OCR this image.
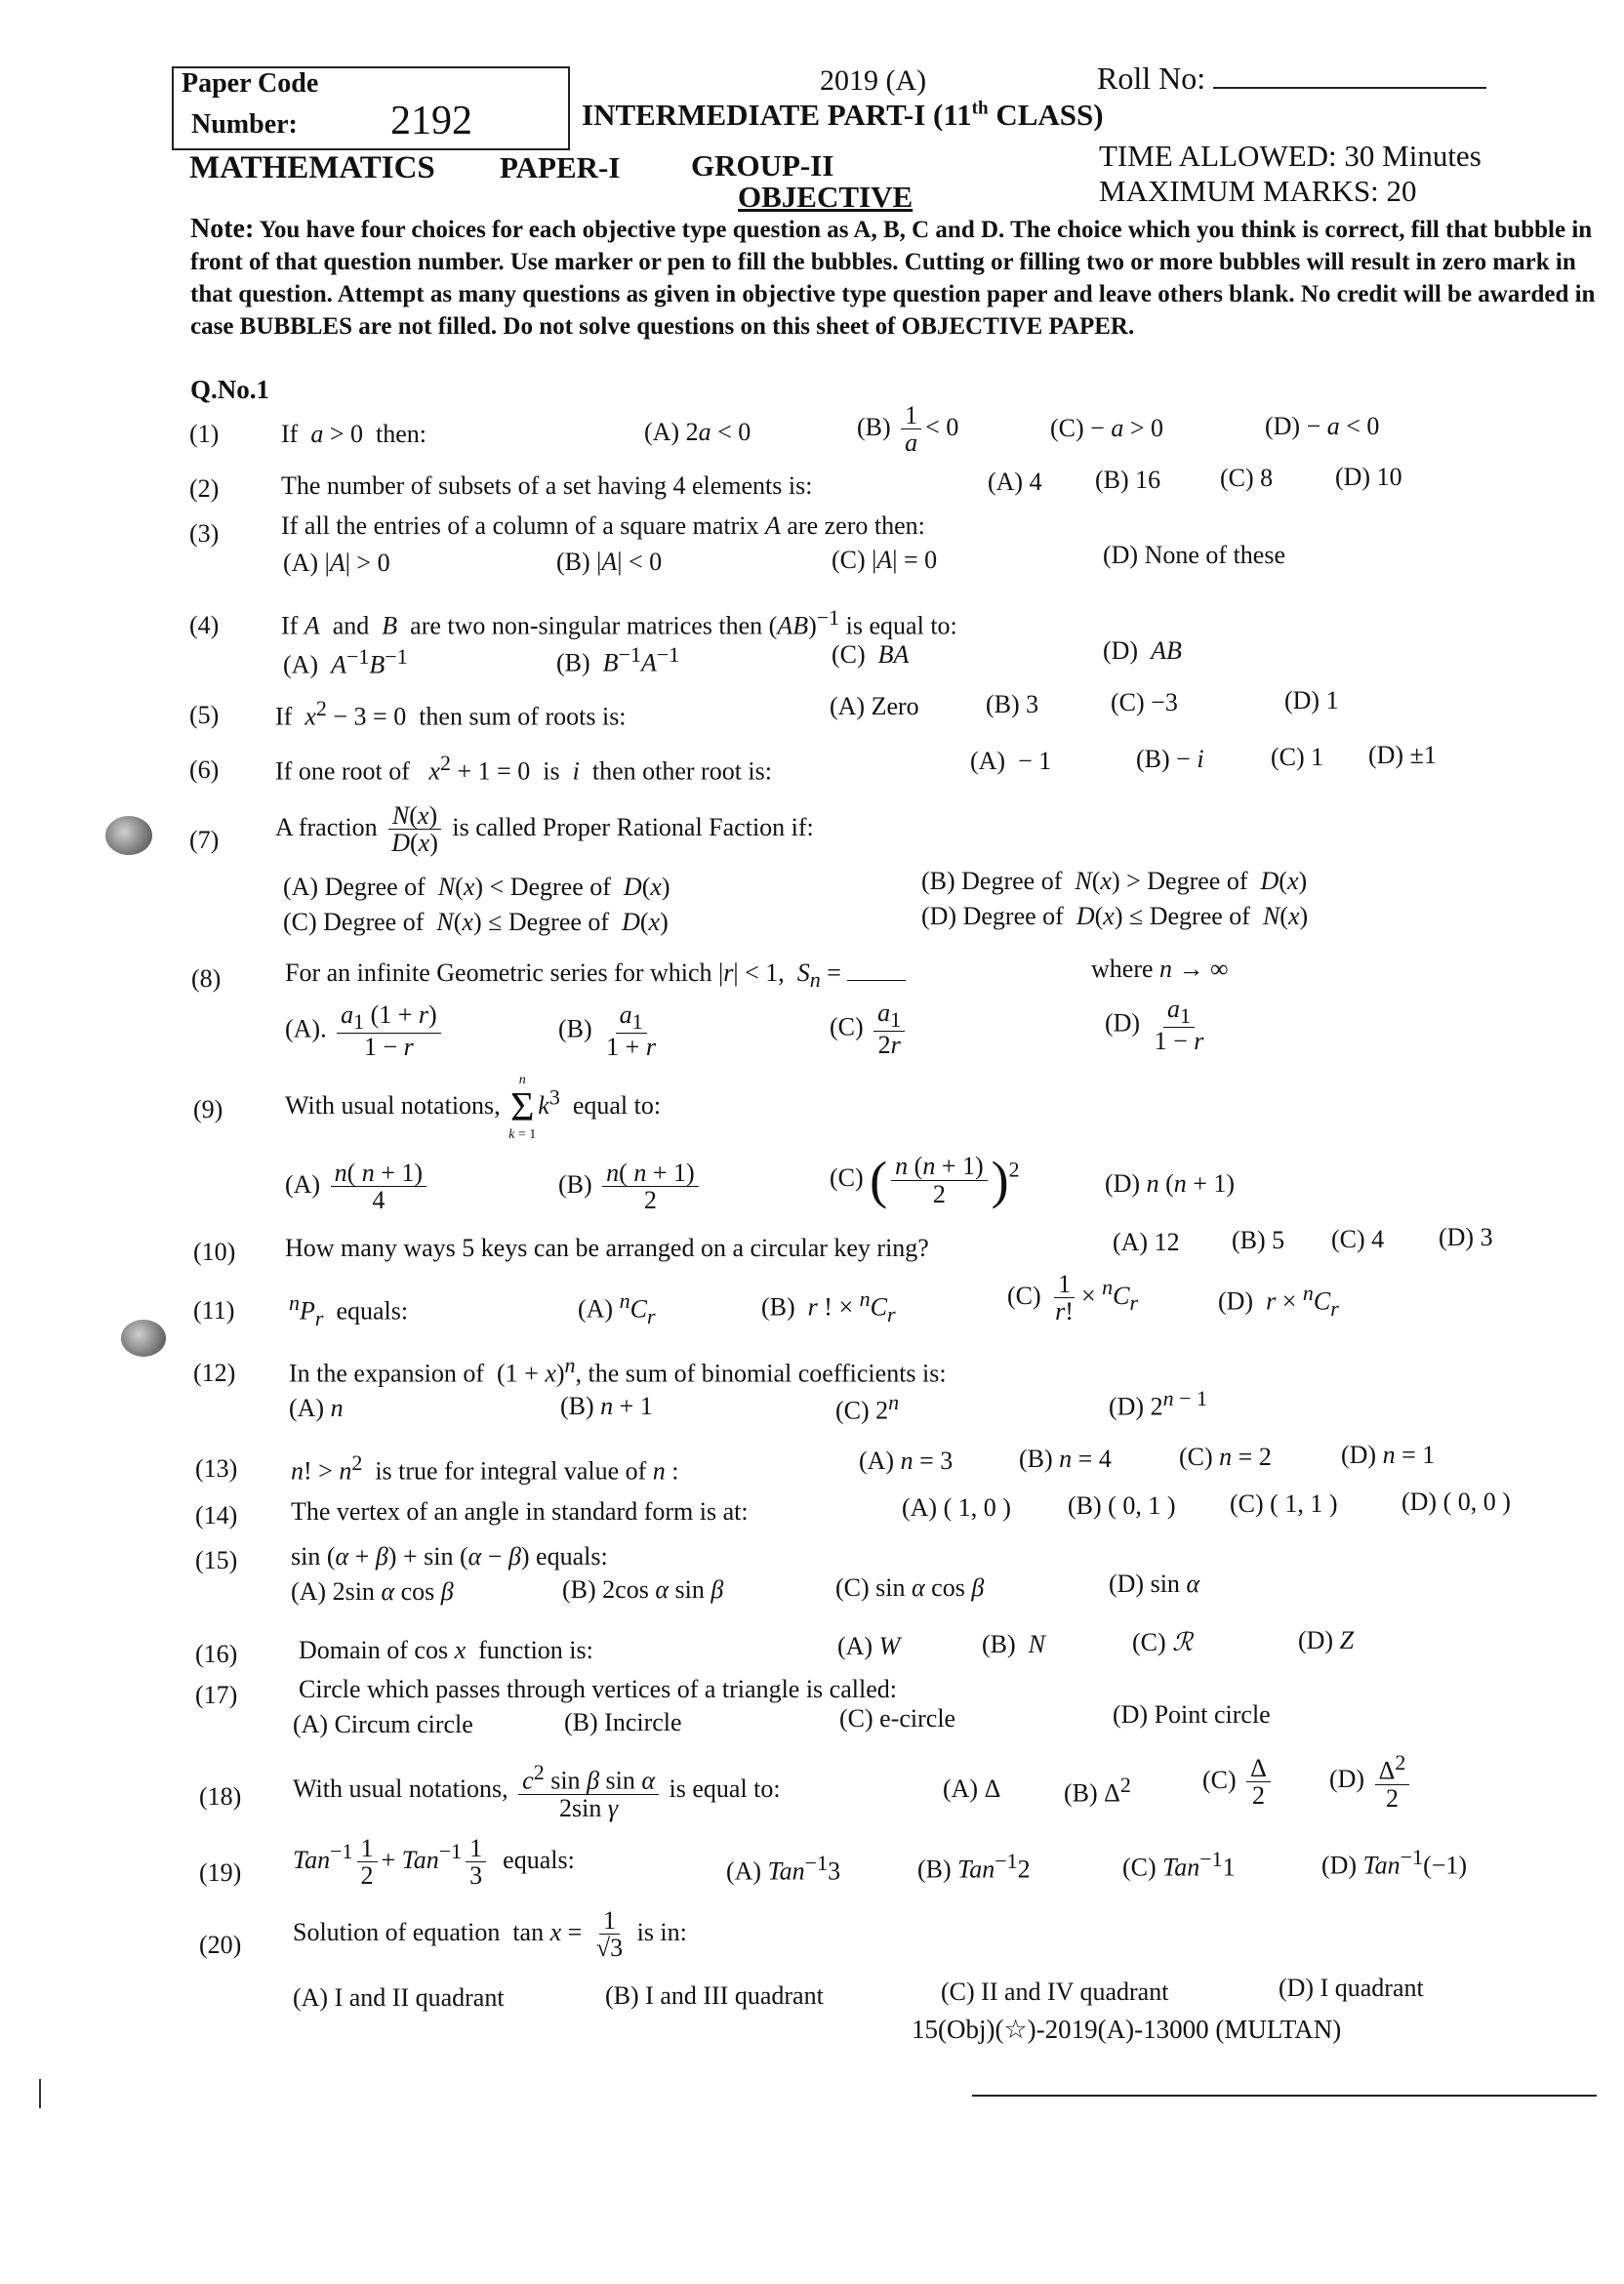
Paper Code
Number: 2192
2019 (A)	Roll No:
INTERMEDIATE PART-I (11th CLASS)
MATHEMATICS PAPER-I GROUP-II
OBJECTIVE
TIME ALLOWED: 30 Minutes
MAXIMUM MARKS: 20
Note: You have four choices for each objective type question as A, B, C and D. The choice which you think is correct, fill that bubble in front of that question number. Use marker or pen to fill the bubbles. Cutting or filling two or more bubbles will result in zero mark in that question. Attempt as many questions as given in objective type question paper and leave others blank. No credit will be awarded in case BUBBLES are not filled. Do not solve questions on this sheet of OBJECTIVE PAPER.
Q.No.1
(1) If  a > 0  then:	(A) 2a < 0	$(B) \frac{1}{a} < 0$	(C) − a > 0	(D) − a < 0
(2) The number of subsets of a set having 4 elements is:	(A) 4 (B) 16 (C) 8 (D) 10
(3) If all the entries of a column of a square matrix A are zero then:
(A) |A| > 0	(B) |A| < 0	(C) |A| = 0	(D) None of these
(4) If A  and  B  are two non-singular matrices then (AB)$^{-1}$ is equal to:
(A)  $A^{-1}B^{-1}$	(B)  $B^{-1}A^{-1}$	(C)  BA	(D)  AB
(5) If  $x^2 - 3 = 0$  then sum of roots is:	(A) Zero	(B) 3	(C) −3	(D) 1
(6) If one root of   $x^2 + 1 = 0$  is  i  then other root is:	(A)  − 1	(B) − i	(C) 1 (D) ±1
(7) A fraction $\frac{N(x)}{D(x)}$ is called Proper Rational Faction if:
(A) Degree of  N(x) < Degree of  D(x)	(B) Degree of  N(x) > Degree of  D(x)
(C) Degree of  N(x) ≤ Degree of  D(x)	(D) Degree of  D(x) ≤ Degree of  N(x)
(8)	For an infinite Geometric series for which |r| < 1,  $S_n$ =	where n → ∞
(A). $\frac{a_1 (1 + r)}{1 - r}$	$(B) \frac{a_1}{1 + r}$	$(C) \frac{a_1}{2r}$	$(D) \frac{a_1}{1 - r}$
(9) With usual notations,
n
Σ
k = 1
$k^3$  equal to:
$(A) \frac{n( n + 1)}{4}$	$(B) \frac{n( n + 1)}{2}$	(C) ( $\frac{n (n + 1)}{2} )^2$
(D) n (n + 1)
(10) How many ways 5 keys can be arranged on a circular key ring?	(A) 12 (B) 5 (C) 4 (D) 3
(11)	$^nP_r$  equals:	(A) $^nC_r$	(B)  r ! × $^nC_r$
$(C) \frac{1}{r!} \times ^nC_r$	(D)  $r \times ^nC_r$
(12) In the expansion of  $(1 + x)^n$, the sum of binomial coefficients is:
(A) n	(B) n + 1	(C) 2$^n$	(D) $2^{n - 1}$
(13) n! > $n^2$  is true for integral value of n :	(A) n = 3	(B) n = 4	(C) n = 2	(D) n = 1
(14) The vertex of an angle in standard form is at:	(A) ( 1, 0 ) (B) ( 0, 1 ) (C) ( 1, 1 )	(D) ( 0, 0 )
(15) sin (α + β) + sin (α − β) equals:
(A) 2sin α cos β	(B) 2cos α sin β	(C) sin α cos β	(D) sin α
(16) Domain of cos x  function is:	(A) W	(B)  N	(C) ℛ	(D) Z
(17) Circle which passes through vertices of a triangle is called:
(A) Circum circle	(B) Incircle	(C) e-circle	(D) Point circle
(18) With usual notations, $\frac{c^2 \sin \beta \sin \alpha}{\text{2sin γ}}$ is equal to:	(A) Δ (B) $\Delta^2$	$(C) \frac{\Delta}{2} (D) \frac{\Delta^2}{2}$
(19) $Tan^{-1} \frac{1}{2} + Tan^{-1} \frac{1}{3}$ equals:	(A) Tan$^{-1}$3	(B) Tan$^{-1}$2	(C) Tan$^{-1}$1	(D) Tan$^{-1}$(−1)
(20) Solution of equation  $\tan x = \frac{1}{√3}$ is in:
(A) I and II quadrant	(B) I and III quadrant	(C) II and IV quadrant	(D) I quadrant
15(Obj)(☆)-2019(A)-13000 (MULTAN)
